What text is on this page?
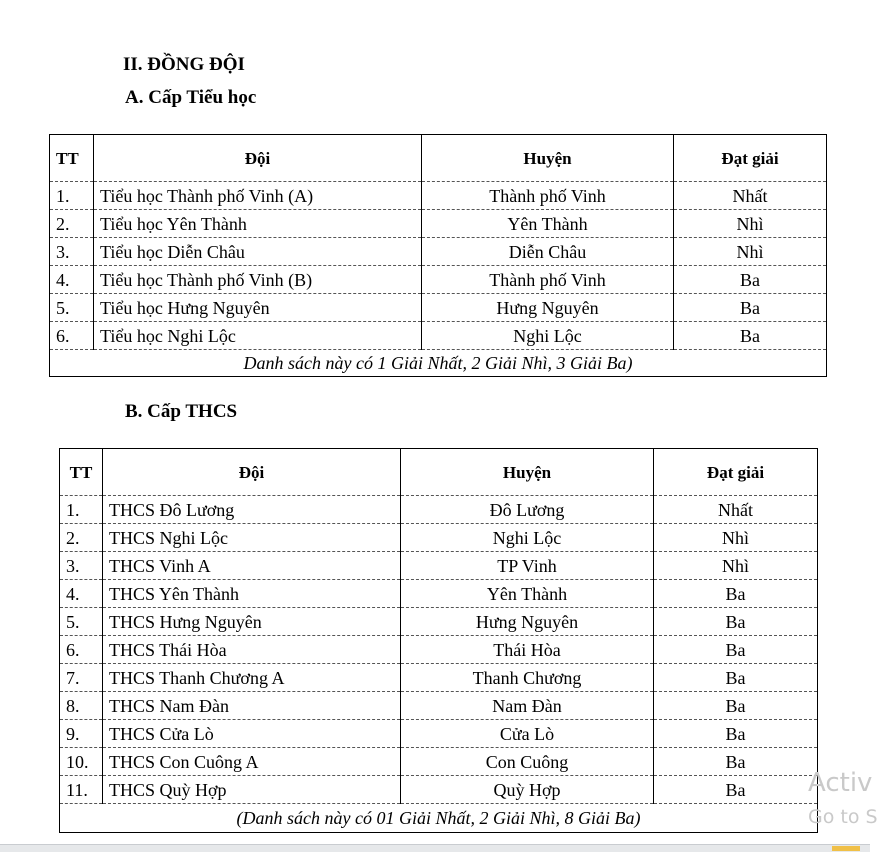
II. ĐỒNG ĐỘI
A. Cấp Tiểu học
TT	Đội	Huyện	Đạt giải
1.	Tiểu học Thành phố Vinh (A)	Thành phố Vinh	Nhất
2.	Tiểu học Yên Thành	Yên Thành	Nhì
3.	Tiểu học Diễn Châu	Diễn Châu	Nhì
4.	Tiểu học Thành phố Vinh (B)	Thành phố Vinh	Ba
5.	Tiểu học Hưng Nguyên	Hưng Nguyên	Ba
6.	Tiểu học Nghi Lộc	Nghi Lộc	Ba
Danh sách này có 1 Giải Nhất, 2 Giải Nhì, 3 Giải Ba)			
B. Cấp THCS
TT	Đội	Huyện	Đạt giải
1.	THCS Đô Lương	Đô Lương	Nhất
2.	THCS Nghi Lộc	Nghi Lộc	Nhì
3.	THCS Vinh A	TP Vinh	Nhì
4.	THCS Yên Thành	Yên Thành	Ba
5.	THCS Hưng Nguyên	Hưng Nguyên	Ba
6.	THCS Thái Hòa	Thái Hòa	Ba
7.	THCS Thanh Chương A	Thanh Chương	Ba
8.	THCS Nam Đàn	Nam Đàn	Ba
9.	THCS Cửa Lò	Cửa Lò	Ba
10.	THCS Con Cuông A	Con Cuông	Ba
11.	THCS Quỳ Hợp	Quỳ Hợp	Ba
(Danh sách này có 01 Giải Nhất, 2 Giải Nhì, 8 Giải Ba)			
Activ
Go to S
